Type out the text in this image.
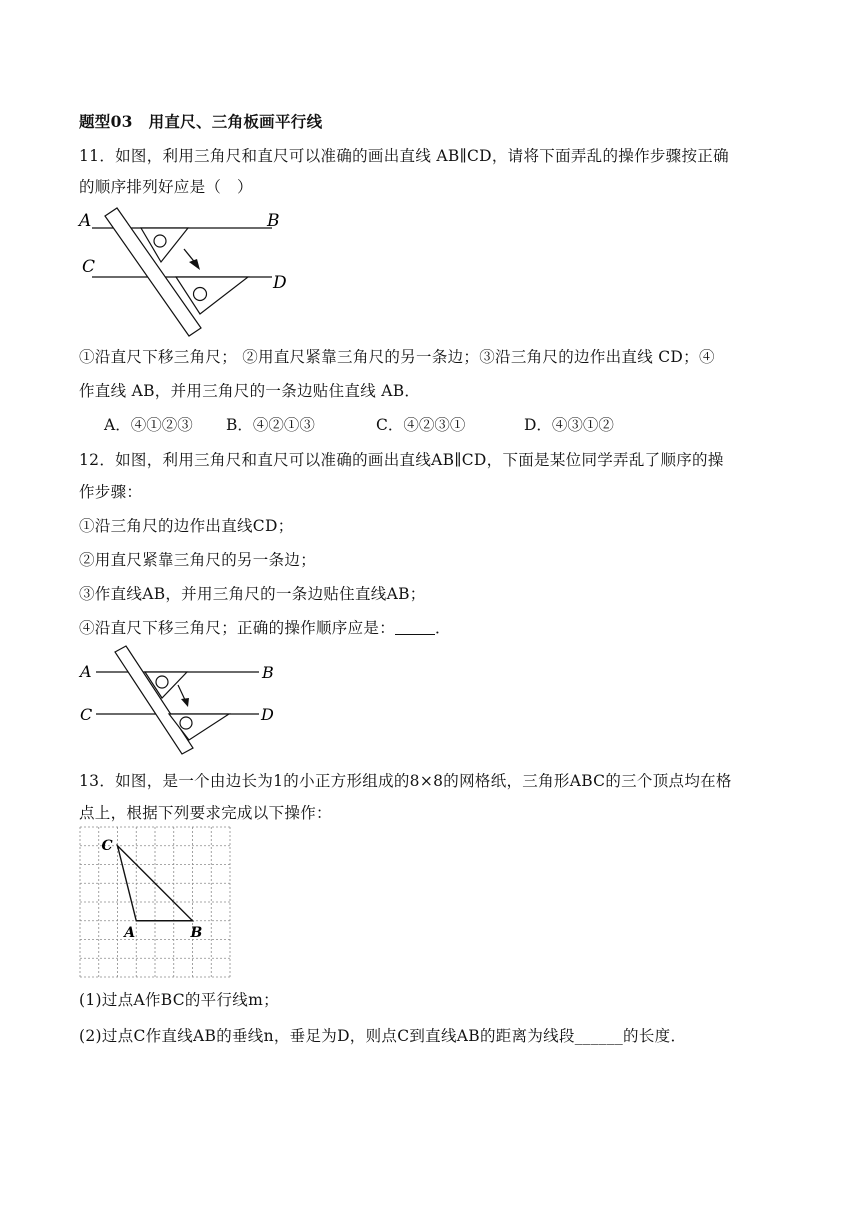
题型03　用直尺、三角板画平行线
11．如图，利用三角尺和直尺可以准确的画出直线 AB∥CD，请将下面弄乱的操作步骤按正确
的顺序排列好应是（　）
A	B
C
D
①沿直尺下移三角尺； ②用直尺紧靠三角尺的另一条边；③沿三角尺的边作出直线 CD；④
作直线 AB，并用三角尺的一条边贴住直线 AB．
A．④①②③ B．④②①③	C．④②③①	D．④③①②
12．如图，利用三角尺和直尺可以准确的画出直线AB∥CD，下面是某位同学弄乱了顺序的操
作步骤：
①沿三角尺的边作出直线CD；
②用直尺紧靠三角尺的另一条边；
③作直线AB，并用三角尺的一条边贴住直线AB；
④沿直尺下移三角尺；正确的操作顺序应是：	．
A	B
C	D
13．如图，是一个由边长为1的小正方形组成的8×8的网格纸，三角形ABC的三个顶点均在格
点上，根据下列要求完成以下操作：
C
A	B
(1)过点A作BC的平行线m；
(2)过点C作直线AB的垂线n，垂足为D，则点C到直线AB的距离为线段______的长度．
